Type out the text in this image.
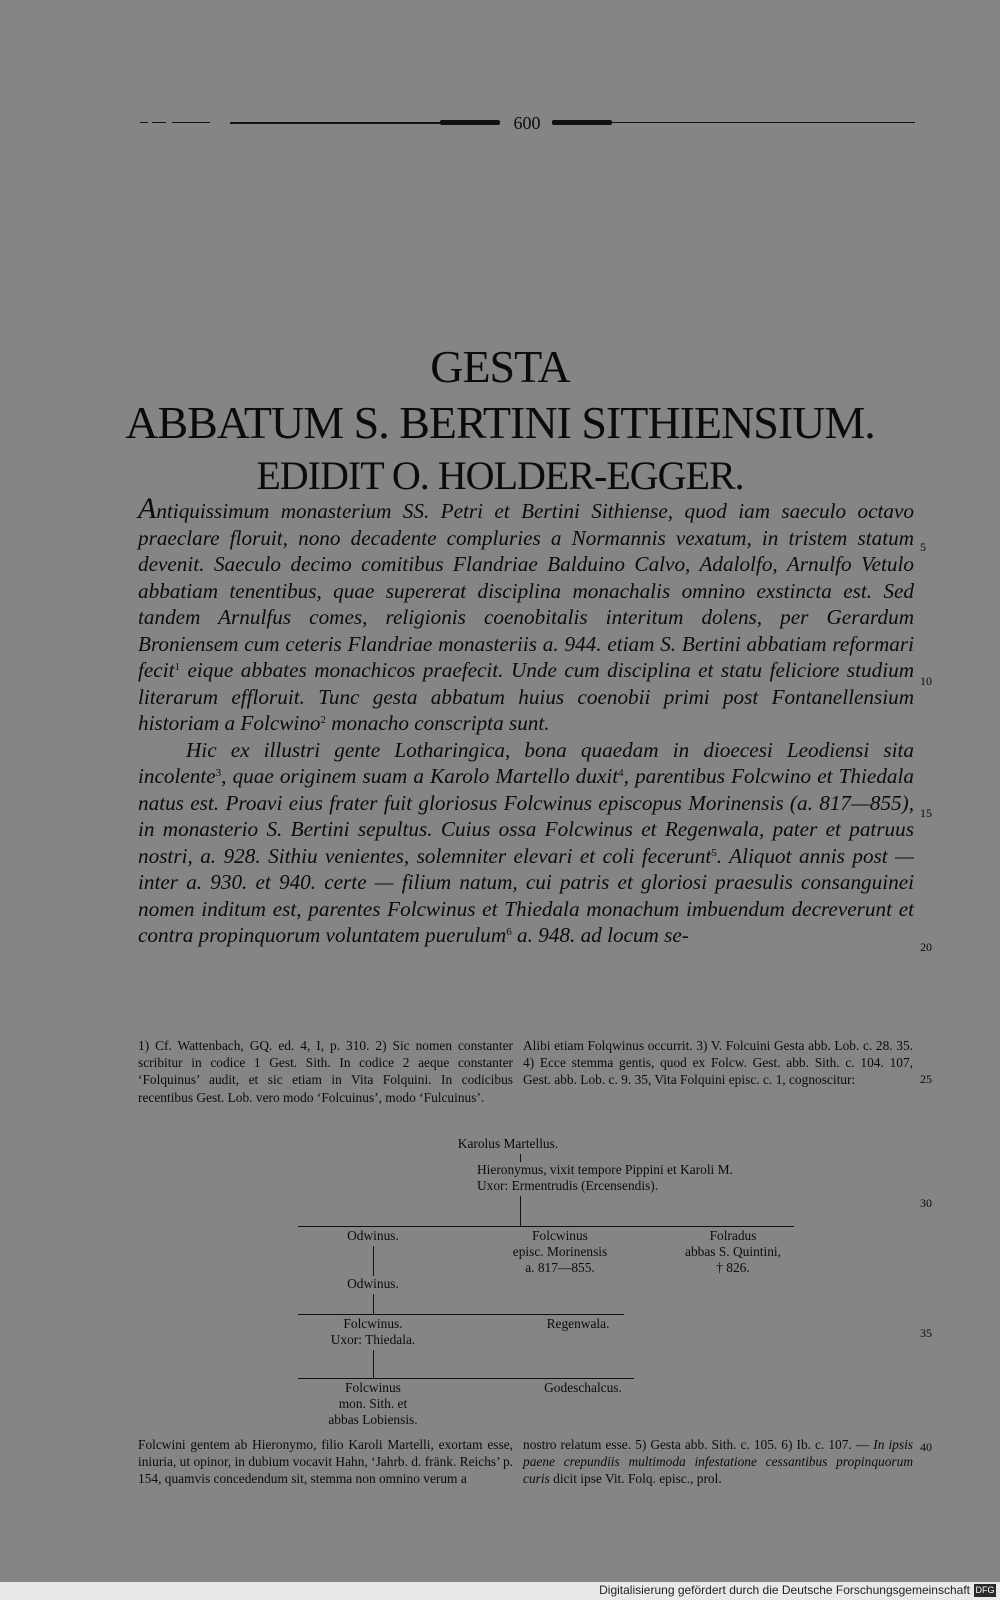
600
GESTA
ABBATUM S. BERTINI SITHIENSIUM.
EDIDIT O. HOLDER-EGGER.

Antiquissimum monasterium SS. Petri et Bertini Sithiense, quod iam saeculo octavo praeclare floruit, nono decadente compluries a Normannis vexatum, in tristem statum devenit. Saeculo decimo comitibus Flandriae Balduino Calvo, Adalolfo, Arnulfo Vetulo abbatiam tenentibus, quae supererat disciplina monachalis omnino exstincta est. Sed tandem Arnulfus comes, religionis coenobitalis interitum dolens, per Gerardum Broniensem cum ceteris Flandriae monasteriis a. 944. etiam S. Bertini abbatiam reformari fecit$^1$ eique abbates monachicos praefecit. Unde cum disciplina et statu feliciore studium literarum effloruit. Tunc gesta abbatum huius coenobii primi post Fontanellensium historiam a Folcwino$^2$ monacho conscripta sunt.

Hic ex illustri gente Lotharingica, bona quaedam in dioecesi Leodiensi sita incolente$^3$, quae originem suam a Karolo Martello duxit$^4$, parentibus Folcwino et Thiedala natus est. Proavi eius frater fuit gloriosus Folcwinus episcopus Morinensis (a. 817—855), in monasterio S. Bertini sepultus. Cuius ossa Folcwinus et Regenwala, pater et patruus nostri, a. 928. Sithiu venientes, solemniter elevari et coli fecerunt$^5$. Aliquot annis post — inter a. 930. et 940. certe — filium natum, cui patris et gloriosi praesulis consanguinei nomen inditum est, parentes Folcwinus et Thiedala monachum imbuendum decreverunt et contra propinquorum voluntatem puerulum$^6$ a. 948. ad locum se-

5
10
15
20
25
30
35
40

1) Cf. Wattenbach, GQ. ed. 4, I, p. 310. 2) Sic nomen constanter scribitur in codice 1 Gest. Sith. In codice 2 aeque constanter ‘Folquinus’ audit, et sic etiam in Vita Folquini. In codicibus recentibus Gest. Lob. vero modo ‘Folcuinus’, modo ‘Fulcuinus’.

Alibi etiam Folqwinus occurrit. 3) V. Folcuini Gesta abb. Lob. c. 28. 35. 4) Ecce stemma gentis, quod ex Folcw. Gest. abb. Sith. c. 104. 107, Gest. abb. Lob. c. 9. 35, Vita Folquini episc. c. 1, cognoscitur:

Karolus Martellus.
Hieronymus, vixit tempore Pippini et Karoli M.
Uxor: Ermentrudis (Ercensendis).
Odwinus.	Folcwinus
episc. Morinensis
a. 817—855.
Folradus
abbas S. Quintini,
† 826.
Odwinus.
Folcwinus.
Uxor: Thiedala.
Regenwala.
Folcwinus
mon. Sith. et
abbas Lobiensis.
Godeschalcus.

Folcwini gentem ab Hieronymo, filio Karoli Martelli, exortam esse, iniuria, ut opinor, in dubium vocavit Hahn, ‘Jahrb. d. fränk. Reichs’ p. 154, quamvis concedendum sit, stemma non omnino verum a

nostro relatum esse. 5) Gesta abb. Sith. c. 105. 6) Ib. c. 107. — In ipsis paene crepundiis multimoda infestatione cessantibus propinquorum curis dicit ipse Vit. Folq. episc., prol.

Digitalisierung gefördert durch die Deutsche Forschungsgemeinschaft DFG
